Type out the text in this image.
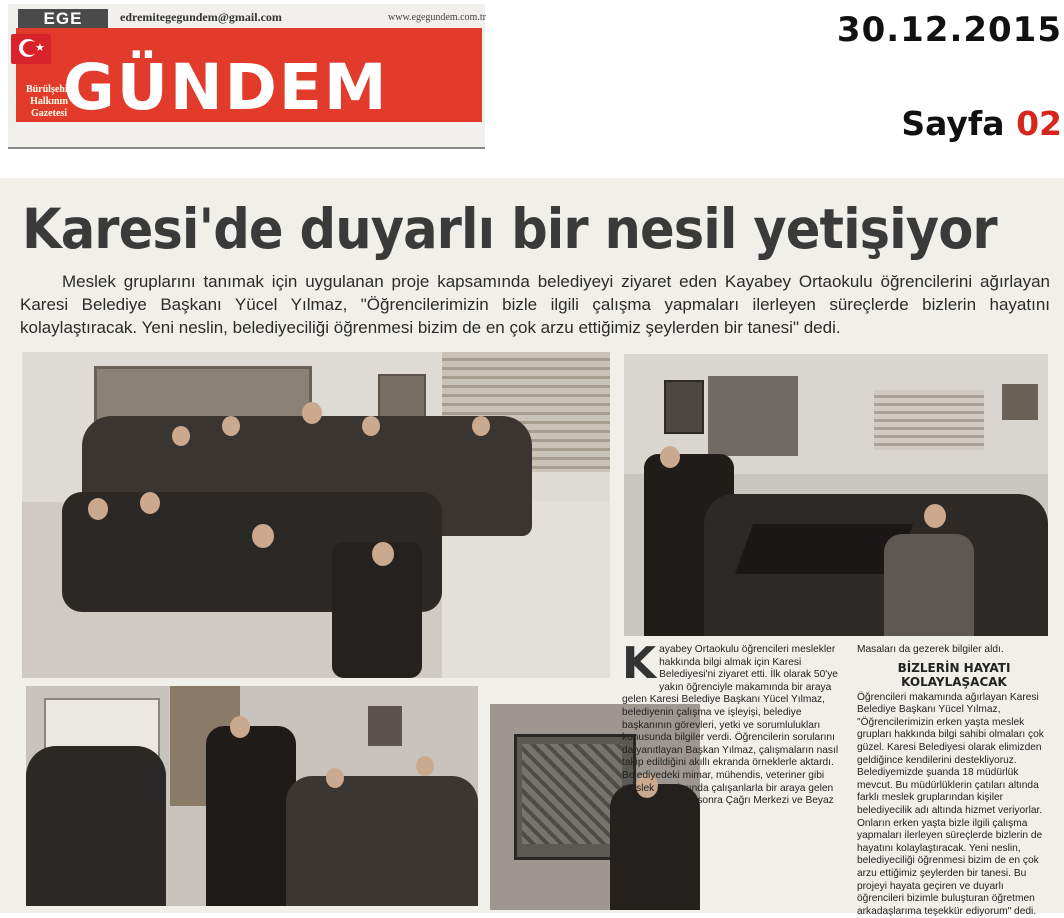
EGE	edremitegegundem@gmail.com	www.egegundem.com.tr
GÜNDEM
★
Bürülşehir Halkının Gazetesi
30.12.2015
Sayfa 02
Karesi'de duyarlı bir nesil yetişiyor
Meslek gruplarını tanımak için uygulanan proje kapsamında belediyeyi ziyaret eden Kayabey Ortaokulu öğrencilerini ağırlayan Karesi Belediye Başkanı Yücel Yılmaz, "Öğrencilerimizin bizle ilgili çalışma yapmaları ilerleyen süreçlerde bizlerin hayatını kolaylaştıracak. Yeni neslin, belediyeciliği öğrenmesi bizim de en çok arzu ettiğimiz şeylerden bir tanesi" dedi.
K ayabey Ortaokulu öğrencileri meslekler hakkında bilgi almak için Karesi Belediyesi'ni ziyaret etti. İlk olarak 50'ye yakın öğrenciyle makamında bir araya gelen Karesi Belediye Başkanı Yücel Yılmaz, belediyenin çalışma ve işleyişi, belediye başkanının görevleri, yetki ve sorumlulukları konusunda bilgiler verdi. Öğrencilerin sorularını da yanıtlayan Başkan Yılmaz, çalışmaların nasıl takip edildiğini akıllı ekranda örneklerle aktardı. Belediyedeki mimar, mühendis, veteriner gibi meslek gruplarında çalışanlarla bir araya gelen öğrenciler, daha sonra Çağrı Merkezi ve Beyaz
Masaları da gezerek bilgiler aldı.
BİZLERİN HAYATI KOLAYLAŞACAK
Öğrencileri makamında ağırlayan Karesi Belediye Başkanı Yücel Yılmaz, "Öğrencilerimizin erken yaşta meslek grupları hakkında bilgi sahibi olmaları çok güzel. Karesi Belediyesi olarak elimizden geldiğince kendilerini destekliyoruz. Belediyemizde şuanda 18 müdürlük mevcut. Bu müdürlüklerin çatıları altında farklı meslek gruplarından kişiler belediyecilik adı altında hizmet veriyorlar. Onların erken yaşta bizle ilgili çalışma yapmaları ilerleyen süreçlerde bizlerin de hayatını kolaylaştıracak. Yeni neslin, belediyeciliği öğrenmesi bizim de en çok arzu ettiğimiz şeylerden bir tanesi. Bu projeyi hayata geçiren ve duyarlı öğrencileri bizimle buluşturan öğretmen arkadaşlarıma teşekkür ediyorum" dedi.
